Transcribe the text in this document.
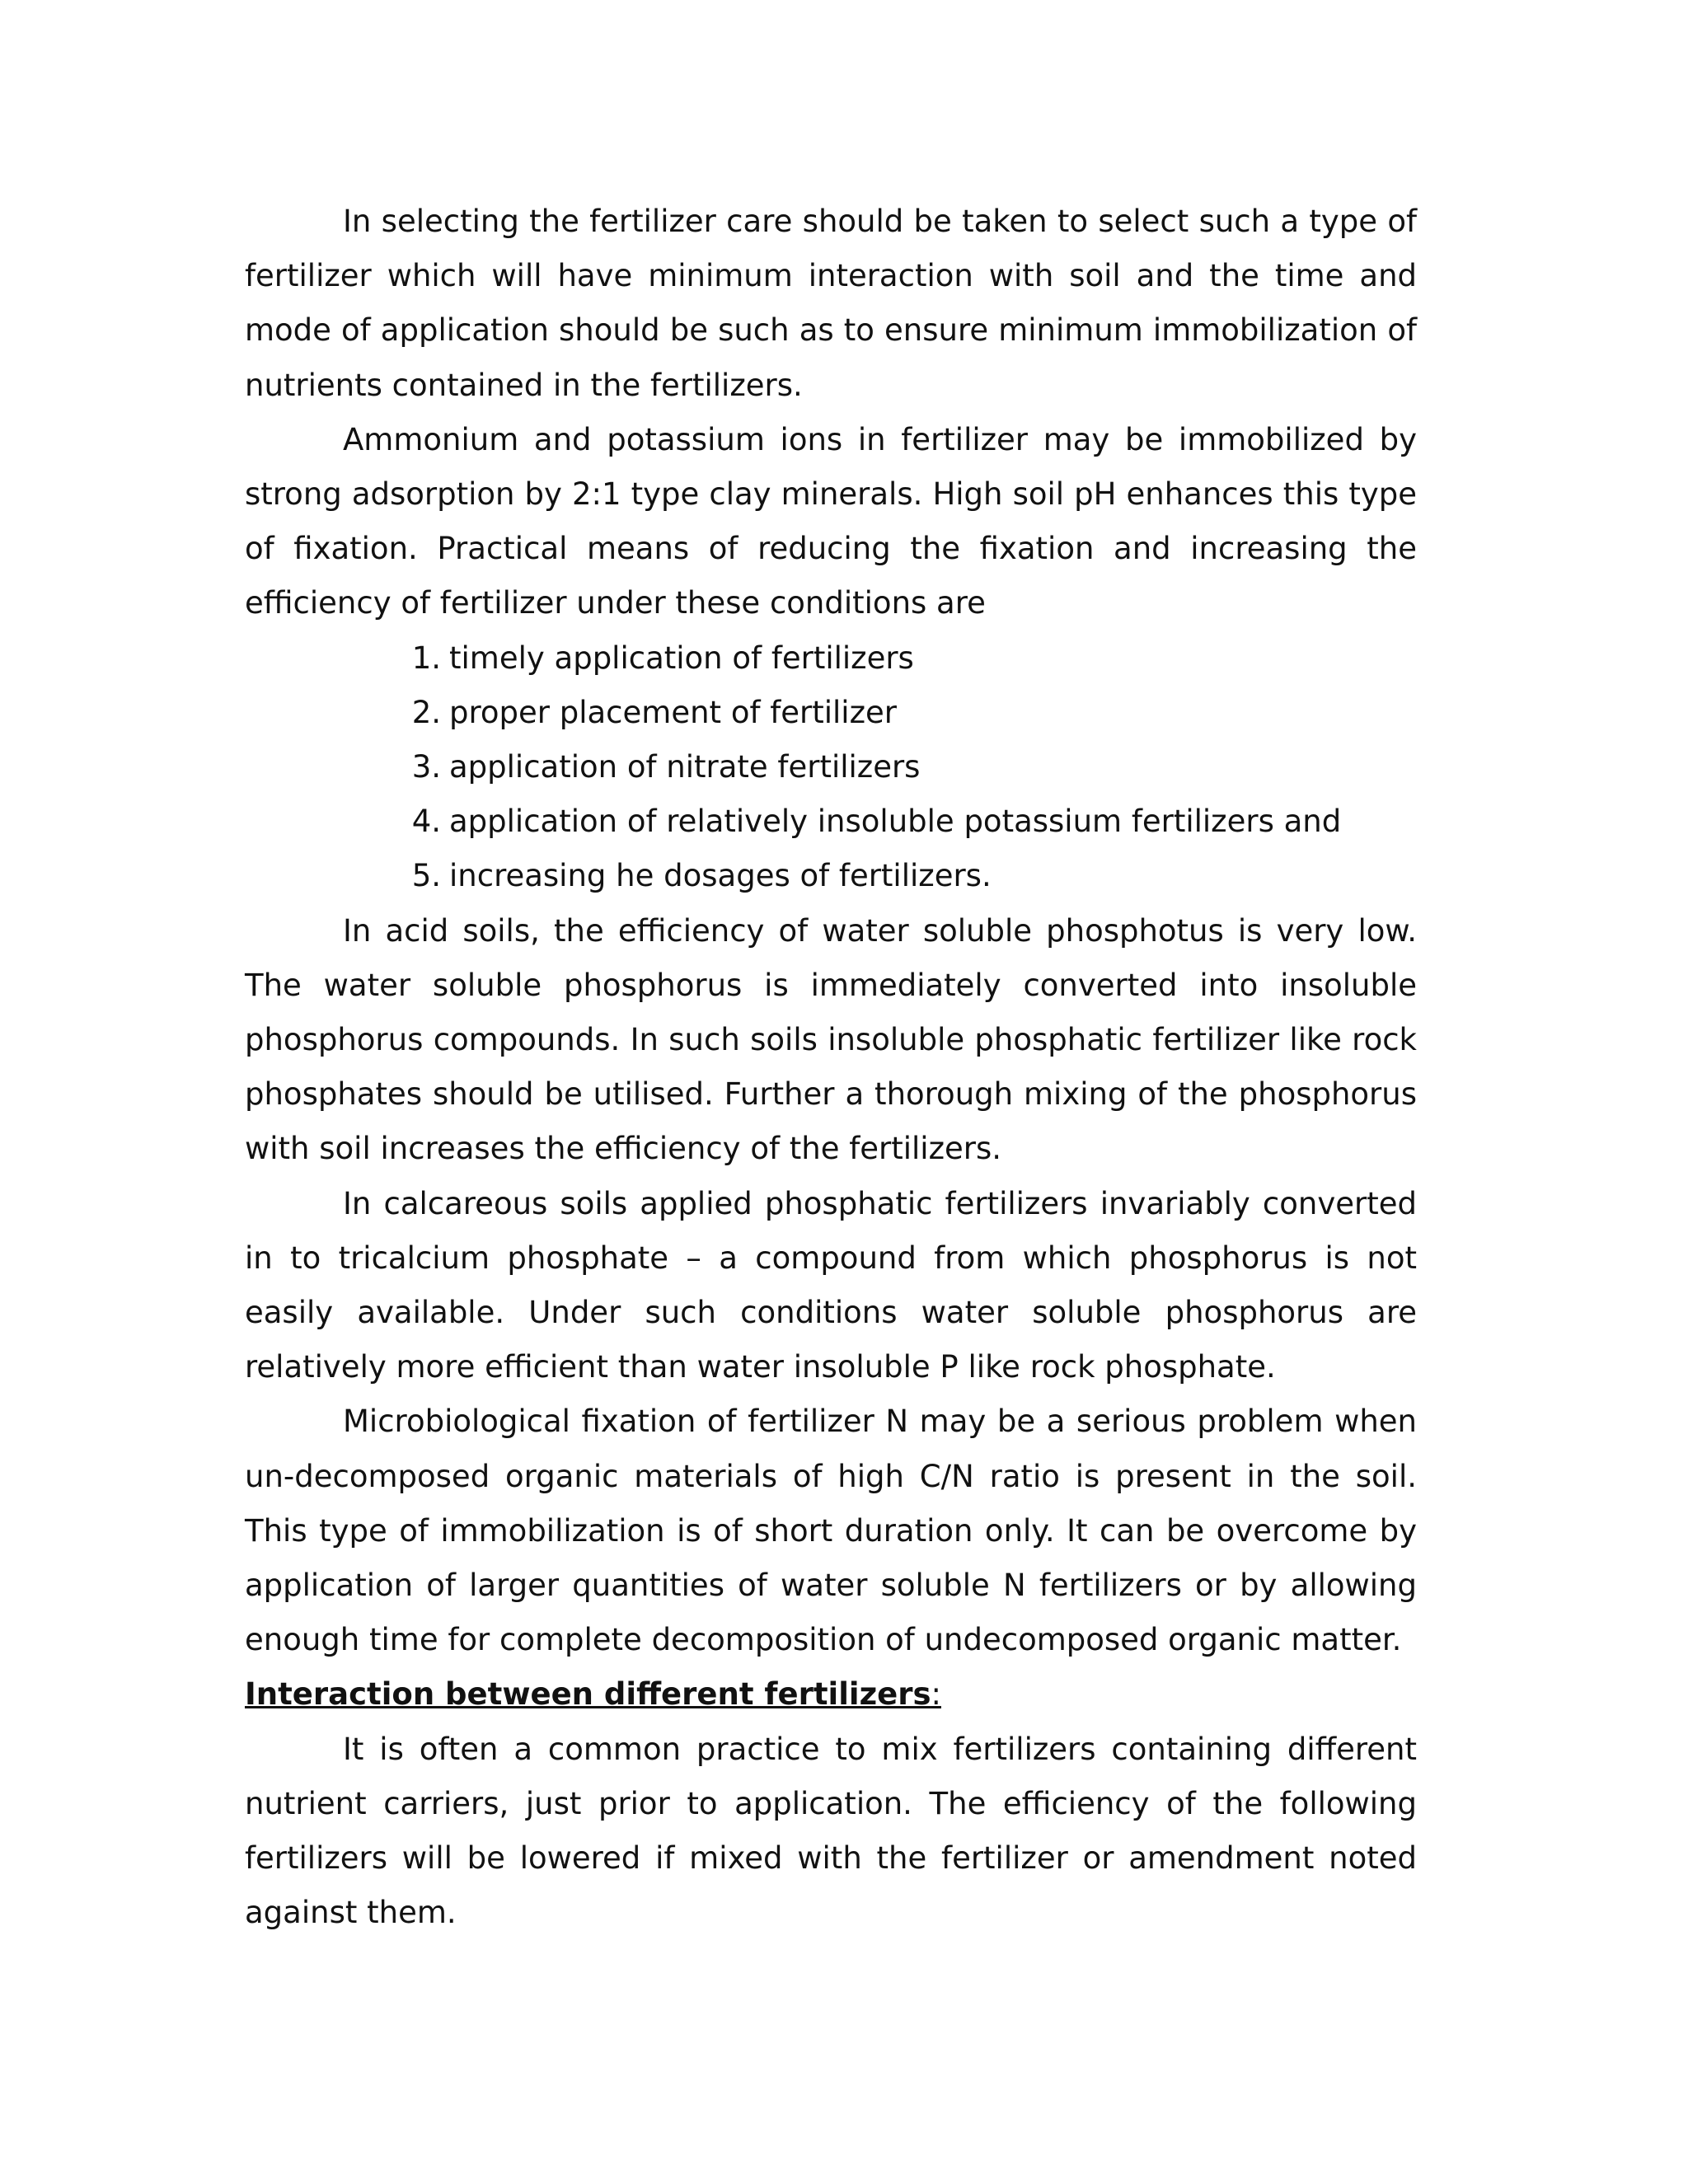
In selecting the fertilizer care should be taken to select such a type of fertilizer which will have minimum interaction with soil and the time and mode of application should be such as to ensure minimum immobilization of nutrients contained in the fertilizers.

Ammonium and potassium ions in fertilizer may be immobilized by strong adsorption by 2:1 type clay minerals. High soil pH enhances this type of fixation. Practical means of reducing the fixation and increasing the efficiency of fertilizer under these conditions are

1. timely application of fertilizers
2. proper placement of fertilizer
3. application of nitrate fertilizers
4. application of relatively insoluble potassium fertilizers and
5. increasing he dosages of fertilizers.

In acid soils, the efficiency of water soluble phosphotus is very low. The water soluble phosphorus is immediately converted into insoluble phosphorus compounds. In such soils insoluble phosphatic fertilizer like rock phosphates should be utilised. Further a thorough mixing of the phosphorus with soil increases the efficiency of the fertilizers.

In calcareous soils applied phosphatic fertilizers invariably converted in to tricalcium phosphate – a compound from which phosphorus is not easily available. Under such conditions water soluble phosphorus are relatively more efficient than water insoluble P like rock phosphate.

Microbiological fixation of fertilizer N may be a serious problem when un-decomposed organic materials of high C/N ratio is present in the soil. This type of immobilization is of short duration only. It can be overcome by application of larger quantities of water soluble N fertilizers or by allowing enough time for complete decomposition of undecomposed organic matter.

Interaction between different fertilizers:

It is often a common practice to mix fertilizers containing different nutrient carriers, just prior to application. The efficiency of the following fertilizers will be lowered if mixed with the fertilizer or amendment noted against them.
